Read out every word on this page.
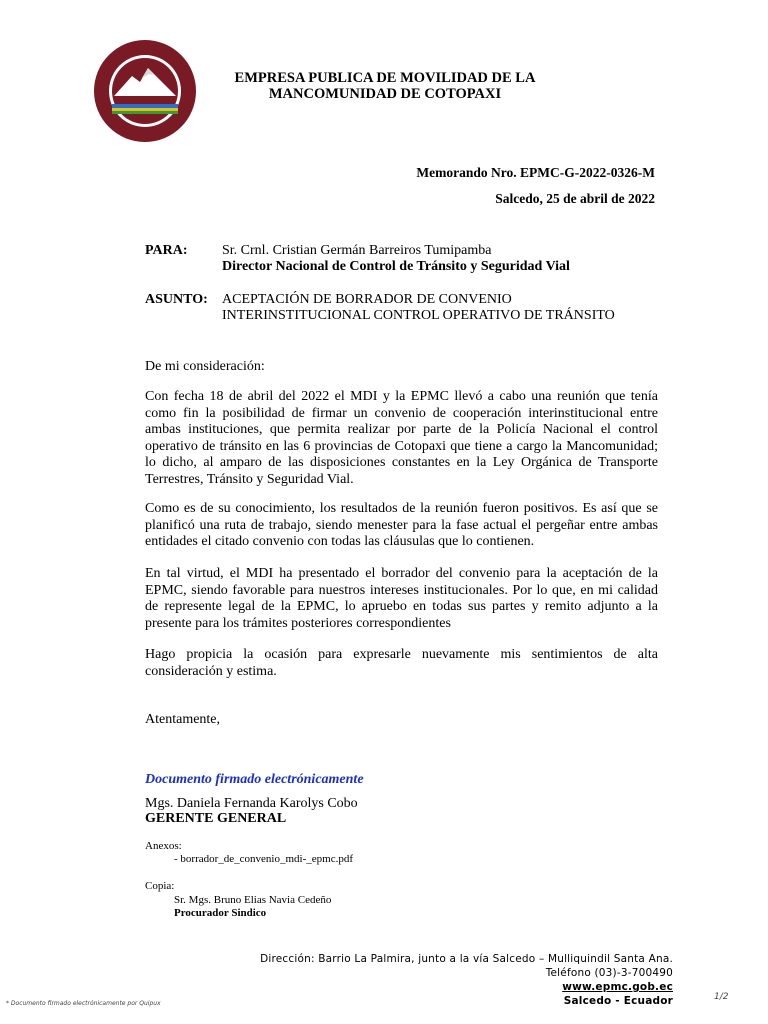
EPMC
EMPRESA PUBLICA DE MOVILIDAD DE LA
MANCOMUNIDAD DE COTOPAXI
Memorando Nro. EPMC-G-2022-0326-M
Salcedo, 25 de abril de 2022
PARA: Sr. Crnl. Cristian Germán Barreiros Tumipamba
Director Nacional de Control de Tránsito y Seguridad Vial
ASUNTO: ACEPTACIÓN DE BORRADOR DE CONVENIO
INTERINSTITUCIONAL CONTROL OPERATIVO DE TRÁNSITO
De mi consideración:
Con fecha 18 de abril del 2022 el MDI y la EPMC llevó a cabo una reunión que tenía
como fin la posibilidad de firmar un convenio de cooperación interinstitucional entre
ambas instituciones, que permita realizar por parte de la Policía Nacional el control
operativo de tránsito en las 6 provincias de Cotopaxi que tiene a cargo la Mancomunidad;
lo dicho, al amparo de las disposiciones constantes en la Ley Orgánica de Transporte
Terrestres, Tránsito y Seguridad Vial.
Como es de su conocimiento, los resultados de la reunión fueron positivos. Es así que se
planificó una ruta de trabajo, siendo menester para la fase actual el pergeñar entre ambas
entidades el citado convenio con todas las cláusulas que lo contienen.
En tal virtud, el MDI ha presentado el borrador del convenio para la aceptación de la
EPMC, siendo favorable para nuestros intereses institucionales. Por lo que, en mi calidad
de represente legal de la EPMC, lo apruebo en todas sus partes y remito adjunto a la
presente para los trámites posteriores correspondientes
Hago propicia la ocasión para expresarle nuevamente mis sentimientos de alta
consideración y estima.
Atentamente,
Documento firmado electrónicamente
Mgs. Daniela Fernanda Karolys Cobo
GERENTE GENERAL
Anexos:
- borrador_de_convenio_mdi-_epmc.pdf
Copia:
Sr. Mgs. Bruno Elias Navia Cedeño
Procurador Sindico
Dirección: Barrio La Palmira, junto a la vía Salcedo – Mulliquindil Santa Ana.
Teléfono (03)-3-700490
www.epmc.gob.ec
Salcedo - Ecuador
* Documento firmado electrónicamente por Quipux
1/2
